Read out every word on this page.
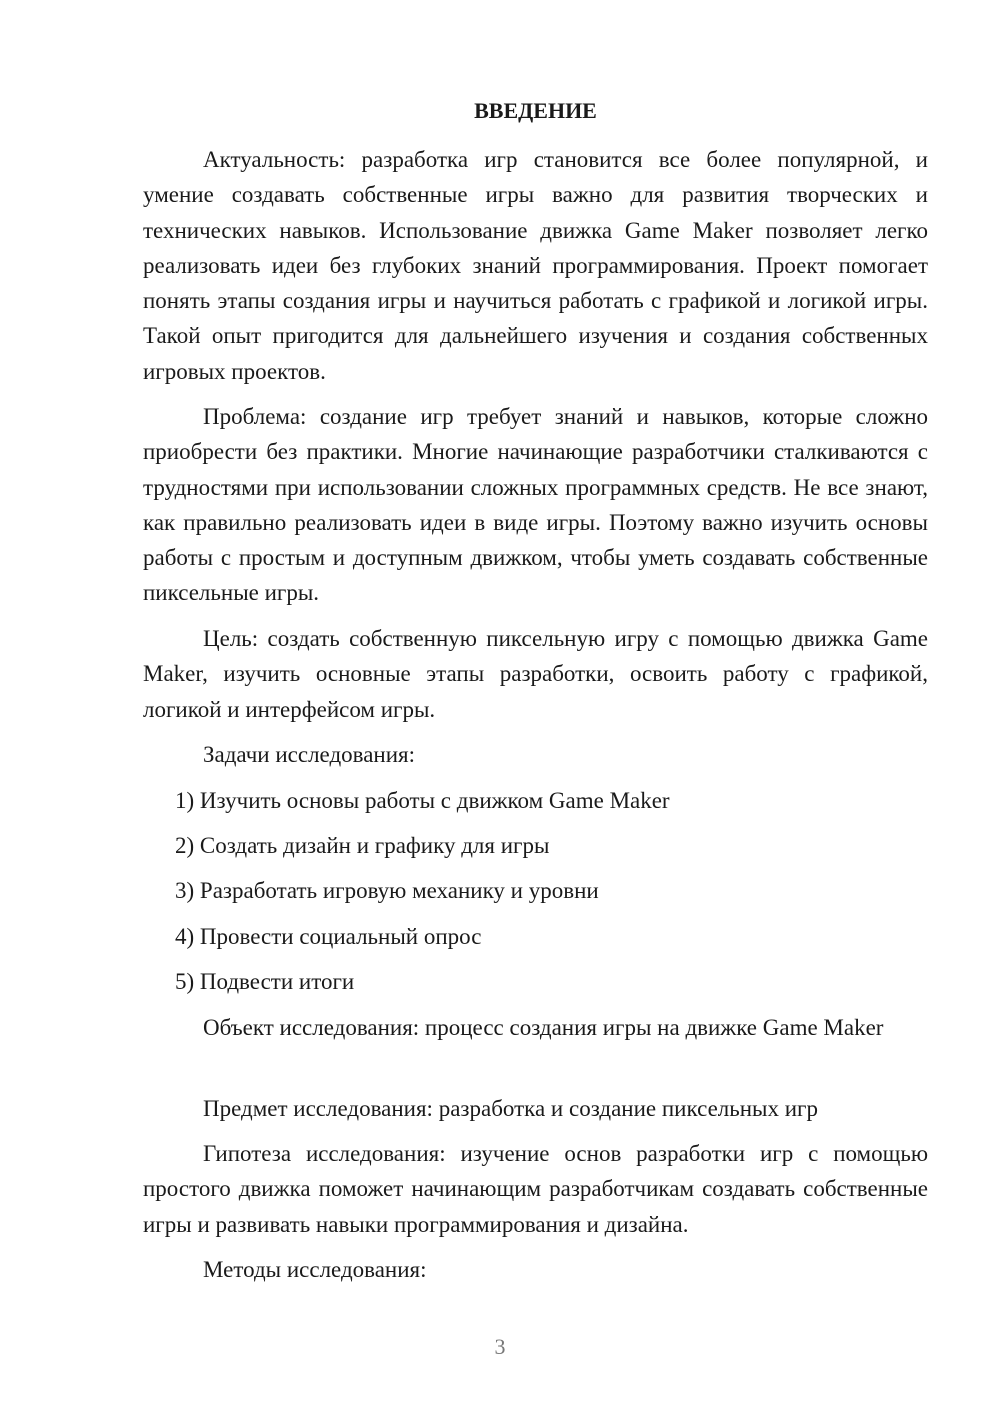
ВВЕДЕНИЕ

Актуальность: разработка игр становится все более популярной, и умение создавать собственные игры важно для развития творческих и технических навыков. Использование движка Game Maker позволяет легко реализовать идеи без глубоких знаний программирования. Проект помогает понять этапы создания игры и научиться работать с графикой и логикой игры. Такой опыт пригодится для дальнейшего изучения и создания собственных игровых проектов.

Проблема: создание игр требует знаний и навыков, которые сложно приобрести без практики. Многие начинающие разработчики сталкиваются с трудностями при использовании сложных программных средств. Не все знают, как правильно реализовать идеи в виде игры. Поэтому важно изучить основы работы с простым и доступным движком, чтобы уметь создавать собственные пиксельные игры.

Цель: создать собственную пиксельную игру с помощью движка Game Maker, изучить основные этапы разработки, освоить работу с графикой, логикой и интерфейсом игры.

Задачи исследования:

1) Изучить основы работы с движком Game Maker

2) Создать дизайн и графику для игры

3) Разработать игровую механику и уровни

4) Провести социальный опрос

5) Подвести итоги

Объект исследования: процесс создания игры на движке Game Maker

Предмет исследования: разработка и создание пиксельных игр

Гипотеза исследования: изучение основ разработки игр с помощью простого движка поможет начинающим разработчикам создавать собственные игры и развивать навыки программирования и дизайна.

Методы исследования:

3
